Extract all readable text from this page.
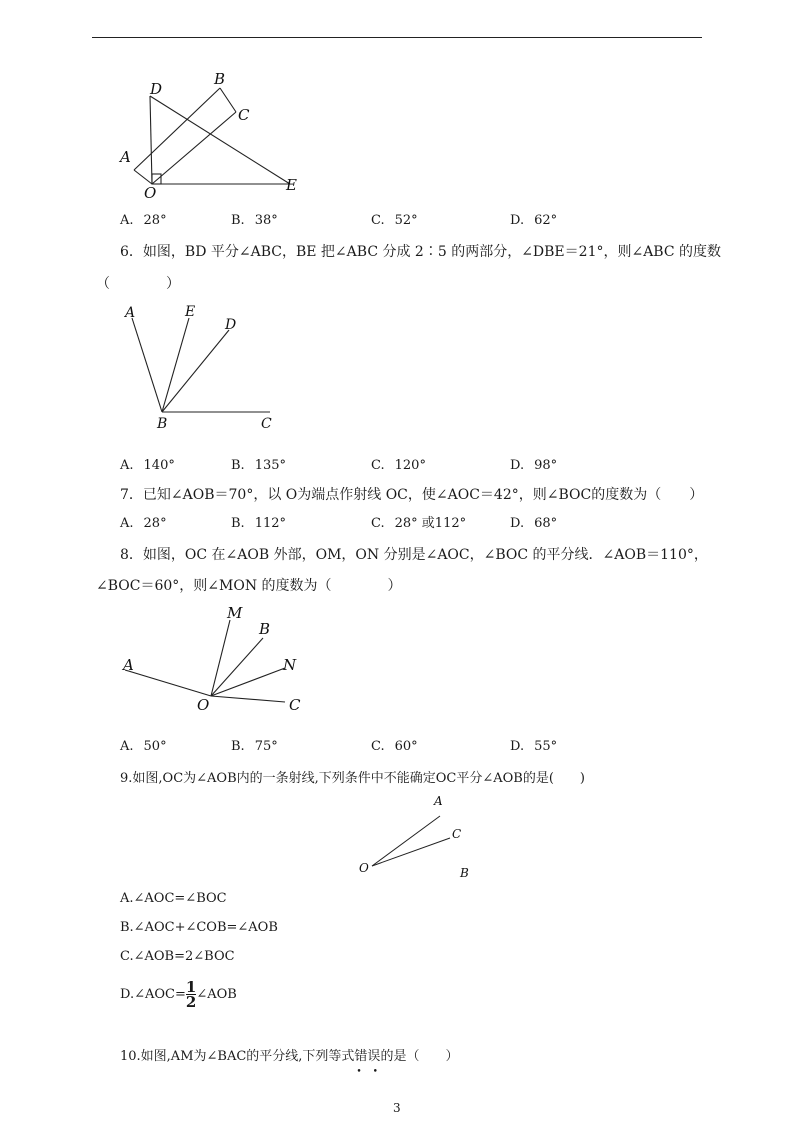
D
B
C
A
O	E
A. 28°	B. 38°	C. 52°	D. 62°
6．如图，BD 平分∠ABC，BE 把∠ABC 分成 2∶5 的两部分，∠DBE＝21°，则∠ABC 的度数
（　　　　）
A	E
D
B	C
A. 140°	B. 135°	C. 120°	D. 98°
7．已知∠AOB＝70°，以 O为端点作射线 OC，使∠AOC＝42°，则∠BOC的度数为（　　）
A. 28°	B. 112°	C. 28° 或112°	D. 68°
8．如图，OC 在∠AOB 外部，OM，ON 分别是∠AOC，∠BOC 的平分线．∠AOB＝110°，
∠BOC＝60°，则∠MON 的度数为（　　　　）
M
B
N
A
O	C
A. 50°	B. 75°	C. 60°	D. 55°
9.如图,OC为∠AOB内的一条射线,下列条件中不能确定OC平分∠AOB的是(　　)
A
C
O	B
A.∠AOC=∠BOC
B.∠AOC+∠COB=∠AOB
C.∠AOB=2∠BOC
D.∠AOC= $\frac{1}{2}$ ∠AOB
10.如图,AM为∠BAC的平分线,下列等式错误 • •的是（　　）
3
